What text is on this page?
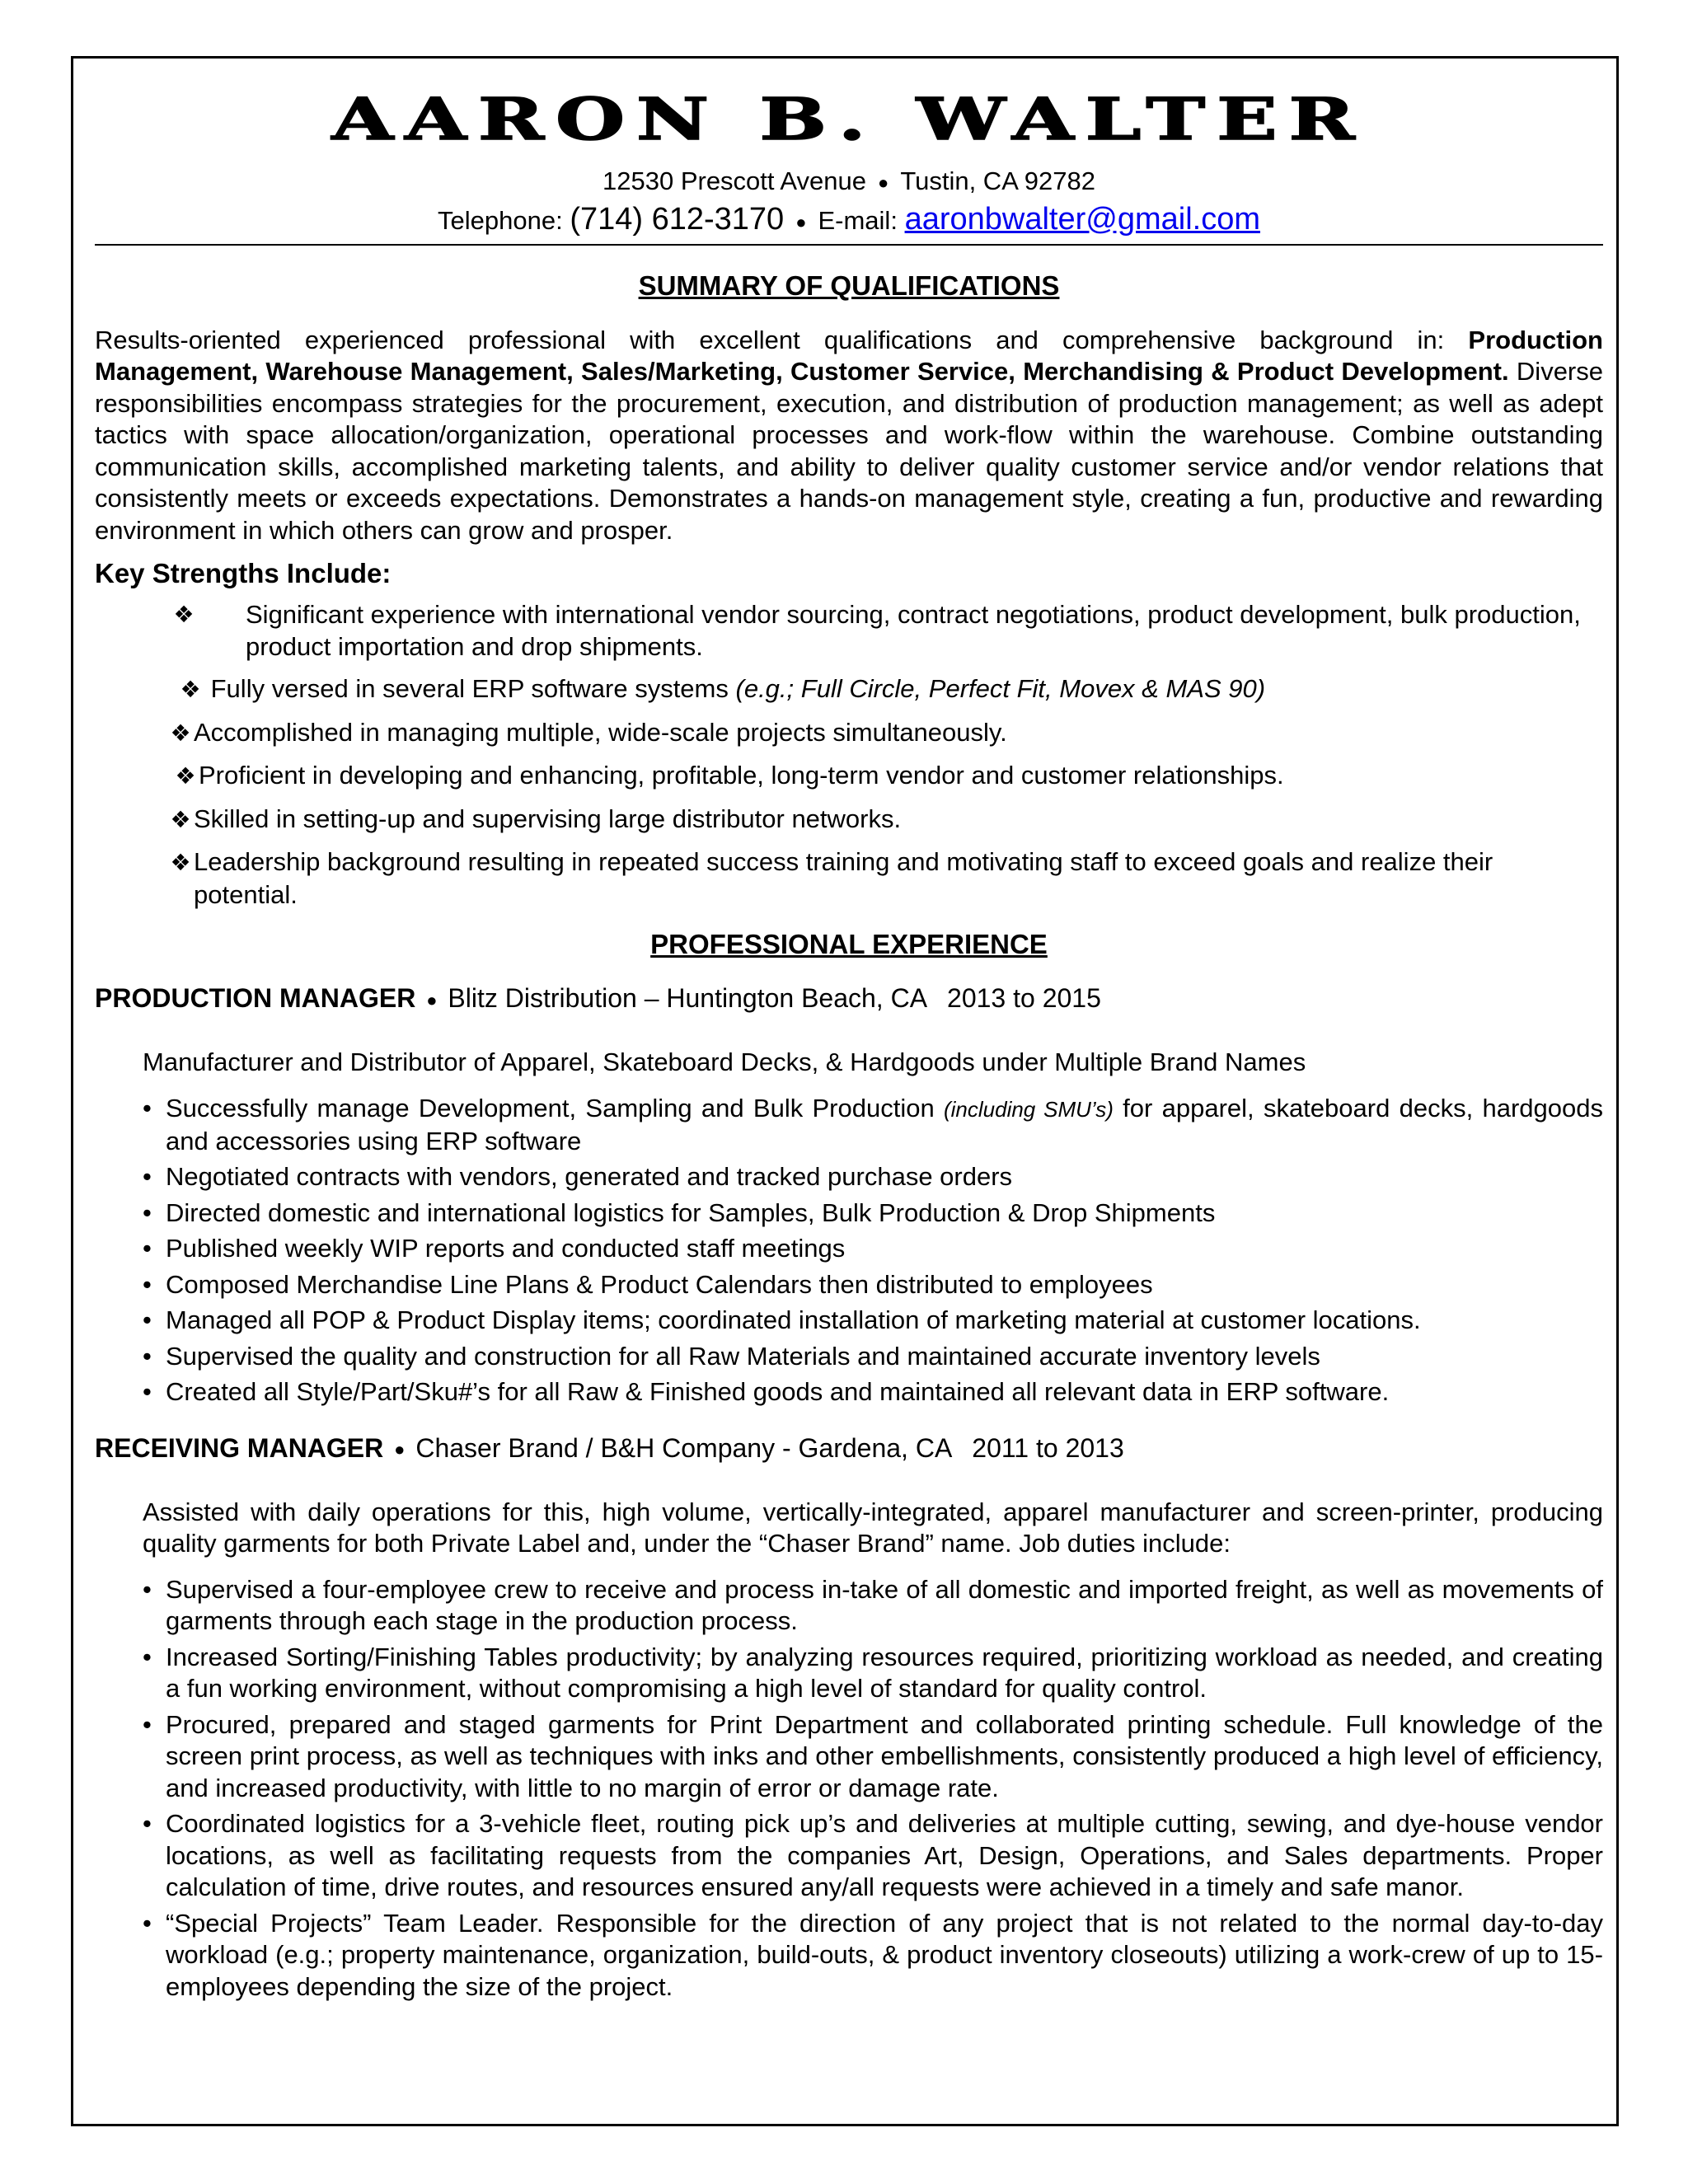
AARON B. WALTER
12530 Prescott Avenue ● Tustin, CA 92782
Telephone: (714) 612-3170 ● E-mail: aaronbwalter@gmail.com
SUMMARY OF QUALIFICATIONS

Results-oriented experienced professional with excellent qualifications and comprehensive background in: Production Management, Warehouse Management, Sales/Marketing, Customer Service, Merchandising & Product Development. Diverse responsibilities encompass strategies for the procurement, execution, and distribution of production management; as well as adept tactics with space allocation/organization, operational processes and work-flow within the warehouse. Combine outstanding communication skills, accomplished marketing talents, and ability to deliver quality customer service and/or vendor relations that consistently meets or exceeds expectations. Demonstrates a hands-on management style, creating a fun, productive and rewarding environment in which others can grow and prosper.

Key Strengths Include:
❖	Significant experience with international vendor sourcing, contract negotiations, product development, bulk production, product importation and drop shipments.
❖ Fully versed in several ERP software systems (e.g.; Full Circle, Perfect Fit, Movex & MAS 90)
❖ Accomplished in managing multiple, wide-scale projects simultaneously.
❖ Proficient in developing and enhancing, profitable, long-term vendor and customer relationships.
❖ Skilled in setting-up and supervising large distributor networks.
❖ Leadership background resulting in repeated success training and motivating staff to exceed goals and realize their potential.
PROFESSIONAL EXPERIENCE
PRODUCTION MANAGER ● Blitz Distribution – Huntington Beach, CA 2013 to 2015
Manufacturer and Distributor of Apparel, Skateboard Decks, & Hardgoods under Multiple Brand Names
• Successfully manage Development, Sampling and Bulk Production (including SMU’s) for apparel, skateboard decks, hardgoods and accessories using ERP software
• Negotiated contracts with vendors, generated and tracked purchase orders
• Directed domestic and international logistics for Samples, Bulk Production & Drop Shipments
• Published weekly WIP reports and conducted staff meetings
• Composed Merchandise Line Plans & Product Calendars then distributed to employees
• Managed all POP & Product Display items; coordinated installation of marketing material at customer locations.
• Supervised the quality and construction for all Raw Materials and maintained accurate inventory levels
• Created all Style/Part/Sku#’s for all Raw & Finished goods and maintained all relevant data in ERP software.
RECEIVING MANAGER ● Chaser Brand / B&H Company - Gardena, CA 2011 to 2013
Assisted with daily operations for this, high volume, vertically-integrated, apparel manufacturer and screen-printer, producing quality garments for both Private Label and, under the “Chaser Brand” name. Job duties include:
• Supervised a four-employee crew to receive and process in-take of all domestic and imported freight, as well as movements of garments through each stage in the production process.
• Increased Sorting/Finishing Tables productivity; by analyzing resources required, prioritizing workload as needed, and creating a fun working environment, without compromising a high level of standard for quality control.
• Procured, prepared and staged garments for Print Department and collaborated printing schedule. Full knowledge of the screen print process, as well as techniques with inks and other embellishments, consistently produced a high level of efficiency, and increased productivity, with little to no margin of error or damage rate.
• Coordinated logistics for a 3-vehicle fleet, routing pick up’s and deliveries at multiple cutting, sewing, and dye-house vendor locations, as well as facilitating requests from the companies Art, Design, Operations, and Sales departments. Proper calculation of time, drive routes, and resources ensured any/all requests were achieved in a timely and safe manor.
• “Special Projects” Team Leader. Responsible for the direction of any project that is not related to the normal day-to-day workload (e.g.; property maintenance, organization, build-outs, & product inventory closeouts) utilizing a work-crew of up to 15-employees depending the size of the project.
